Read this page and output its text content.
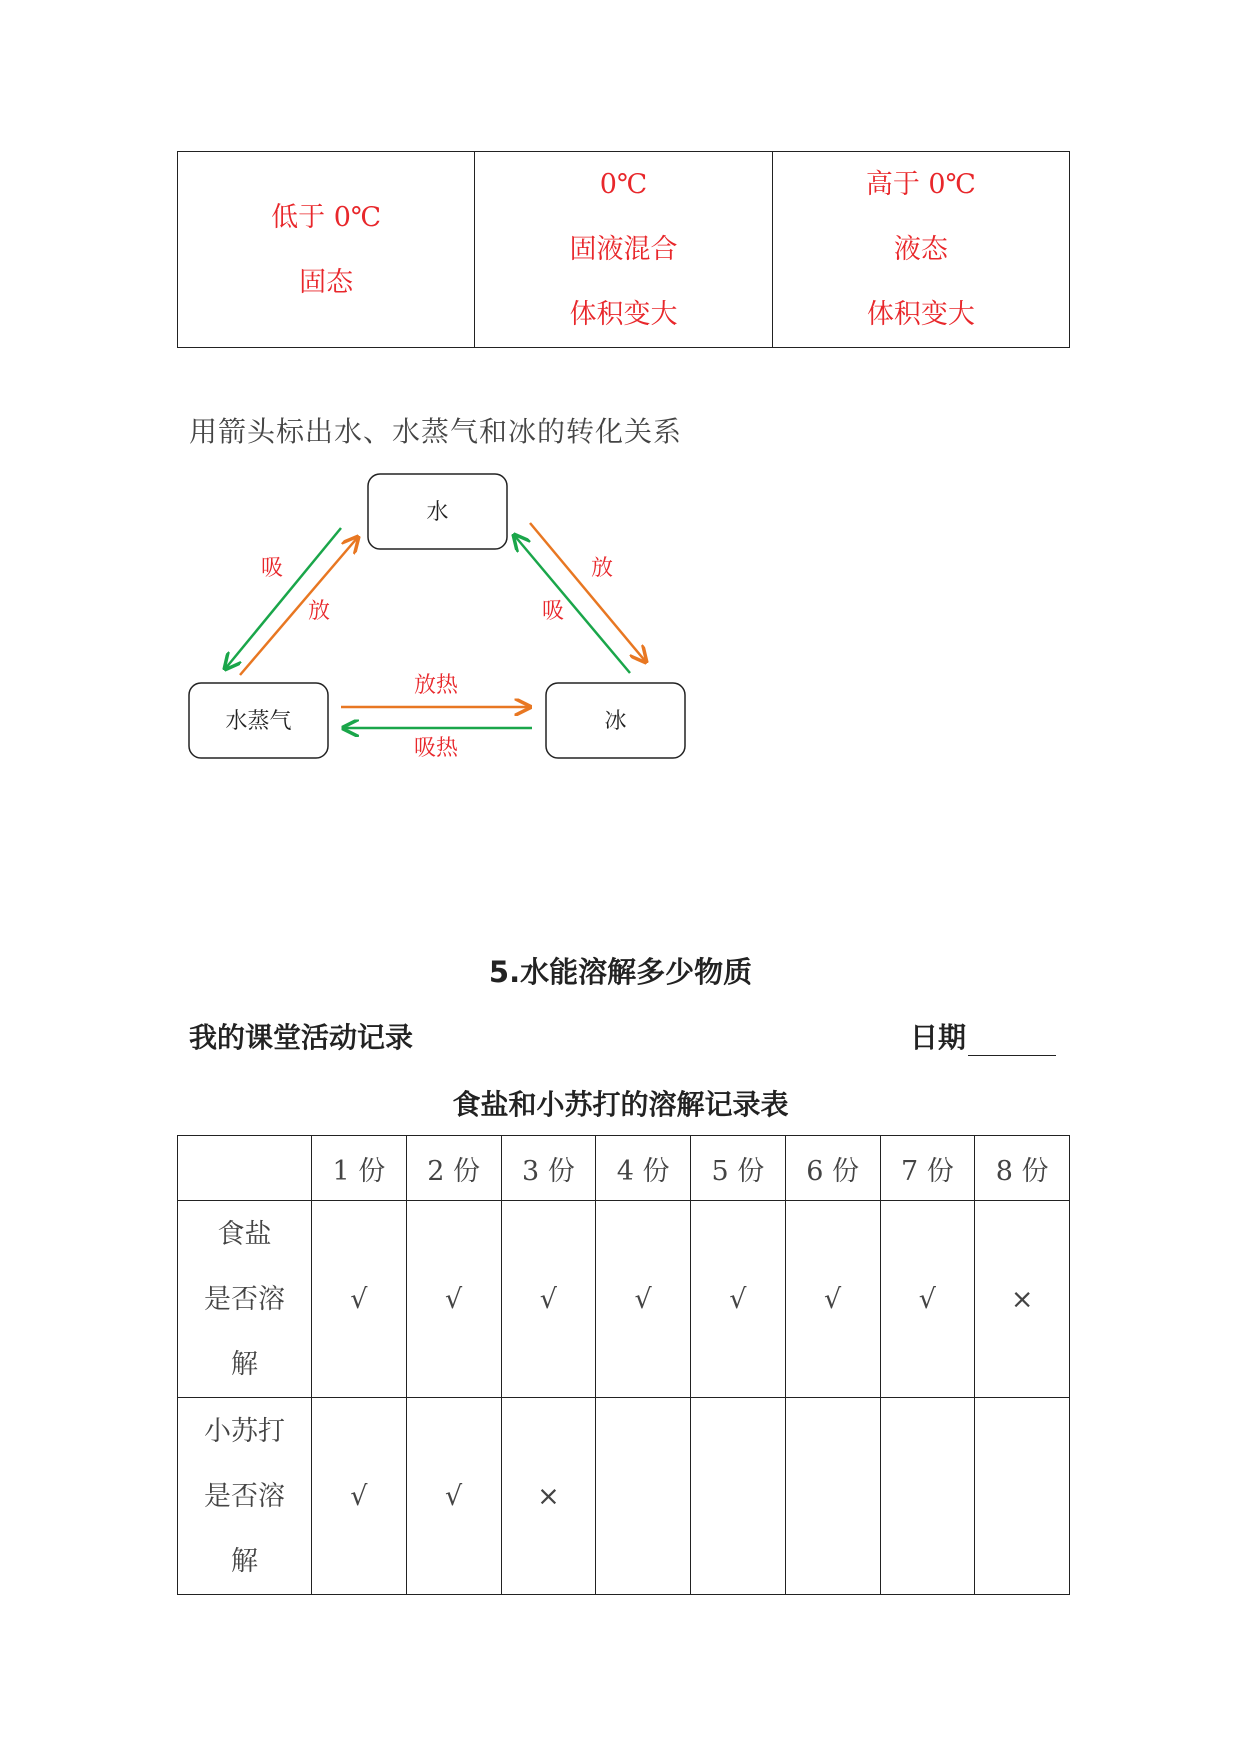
低于 0℃
固态

0℃
固液混合
体积变大

高于 0℃
液态
体积变大
用箭头标出水、水蒸气和冰的转化关系
水
水蒸气	冰
吸
放
放
吸
放热
吸热
5.水能溶解多少物质
我的课堂活动记录	日期
食盐和小苏打的溶解记录表
	1 份	2 份	3 份	4 份	5 份	6 份	7 份	8 份

食盐
是否溶
解	√	√	√	√	√	√	√	×

小苏打
是否溶
解	√	√	×					
